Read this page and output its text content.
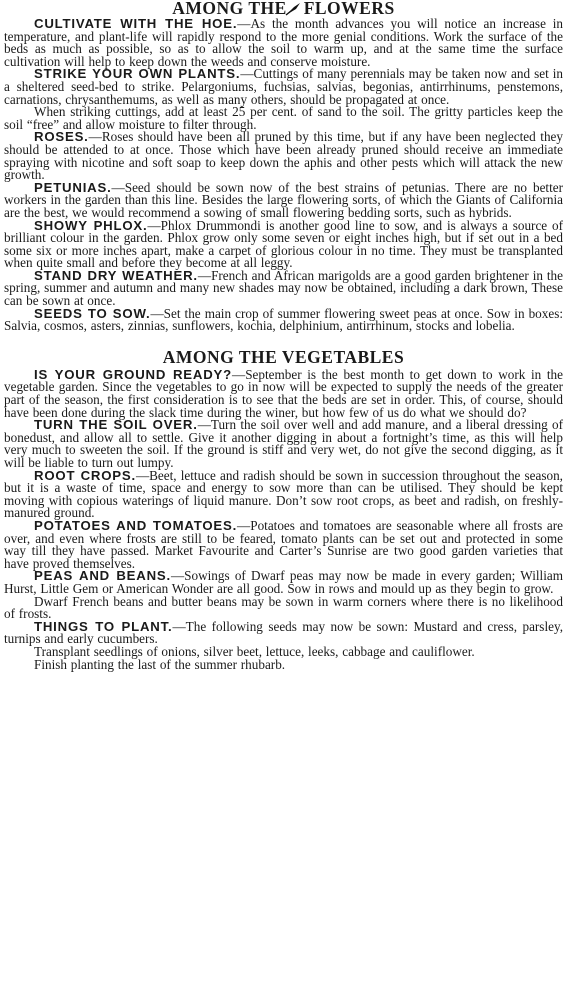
AMONG THE FLOWERS

CULTIVATE WITH THE HOE.—As the month advances you will notice an increase in temperature, and plant-life will rapidly respond to the more genial conditions. Work the surface of the beds as much as possible, so as to allow the soil to warm up, and at the same time the surface cultivation will help to keep down the weeds and conserve moisture.

STRIKE YOUR OWN PLANTS.—Cuttings of many perennials may be taken now and set in a sheltered seed-bed to strike. Pelargoniums, fuchsias, salvias, begonias, antirrhinums, penstemons, carnations, chrysanthemums, as well as many others, should be propagated at once.

When striking cuttings, add at least 25 per cent. of sand to the soil. The gritty particles keep the soil “free” and allow moisture to filter through.

ROSES.—Roses should have been all pruned by this time, but if any have been neglected they should be attended to at once. Those which have been already pruned should receive an immediate spraying with nicotine and soft soap to keep down the aphis and other pests which will attack the new growth.

PETUNIAS.—Seed should be sown now of the best strains of petunias. There are no better workers in the garden than this line. Besides the large flowering sorts, of which the Giants of California are the best, we would recommend a sowing of small flowering bedding sorts, such as hybrids.

SHOWY PHLOX.—Phlox Drummondi is another good line to sow, and is always a source of brilliant colour in the garden. Phlox grow only some seven or eight inches high, but if set out in a bed some six or more inches apart, make a carpet of glorious colour in no time. They must be transplanted when quite small and before they become at all leggy.

STAND DRY WEATHER.—French and African marigolds are a good garden brightener in the spring, summer and autumn and many new shades may now be obtained, including a dark brown, These can be sown at once.

SEEDS TO SOW.—Set the main crop of summer flowering sweet peas at once. Sow in boxes: Salvia, cosmos, asters, zinnias, sunflowers, kochia, delphinium, antirrhinum, stocks and lobelia.

AMONG THE VEGETABLES

IS YOUR GROUND READY?—September is the best month to get down to work in the vegetable garden. Since the vegetables to go in now will be expected to supply the needs of the greater part of the season, the first consideration is to see that the beds are set in order. This, of course, should have been done during the slack time during the winer, but how few of us do what we should do?

TURN THE SOIL OVER.—Turn the soil over well and add manure, and a liberal dressing of bonedust, and allow all to settle. Give it another digging in about a fortnight’s time, as this will help very much to sweeten the soil. If the ground is stiff and very wet, do not give the second digging, as it will be liable to turn out lumpy.

ROOT CROPS.—Beet, lettuce and radish should be sown in succession throughout the season, but it is a waste of time, space and energy to sow more than can be utilised. They should be kept moving with copious waterings of liquid manure. Don’t sow root crops, as beet and radish, on freshly-manured ground.

POTATOES AND TOMATOES.—Potatoes and tomatoes are seasonable where all frosts are over, and even where frosts are still to be feared, tomato plants can be set out and protected in some way till they have passed. Market Favourite and Carter’s Sunrise are two good garden varieties that have proved themselves.

PEAS AND BEANS.—Sowings of Dwarf peas may now be made in every garden; William Hurst, Little Gem or American Wonder are all good. Sow in rows and mould up as they begin to grow.

Dwarf French beans and butter beans may be sown in warm corners where there is no likelihood of frosts.

THINGS TO PLANT.—The following seeds may now be sown: Mustard and cress, parsley, turnips and early cucumbers.

Transplant seedlings of onions, silver beet, lettuce, leeks, cabbage and cauliflower.

Finish planting the last of the summer rhubarb.
